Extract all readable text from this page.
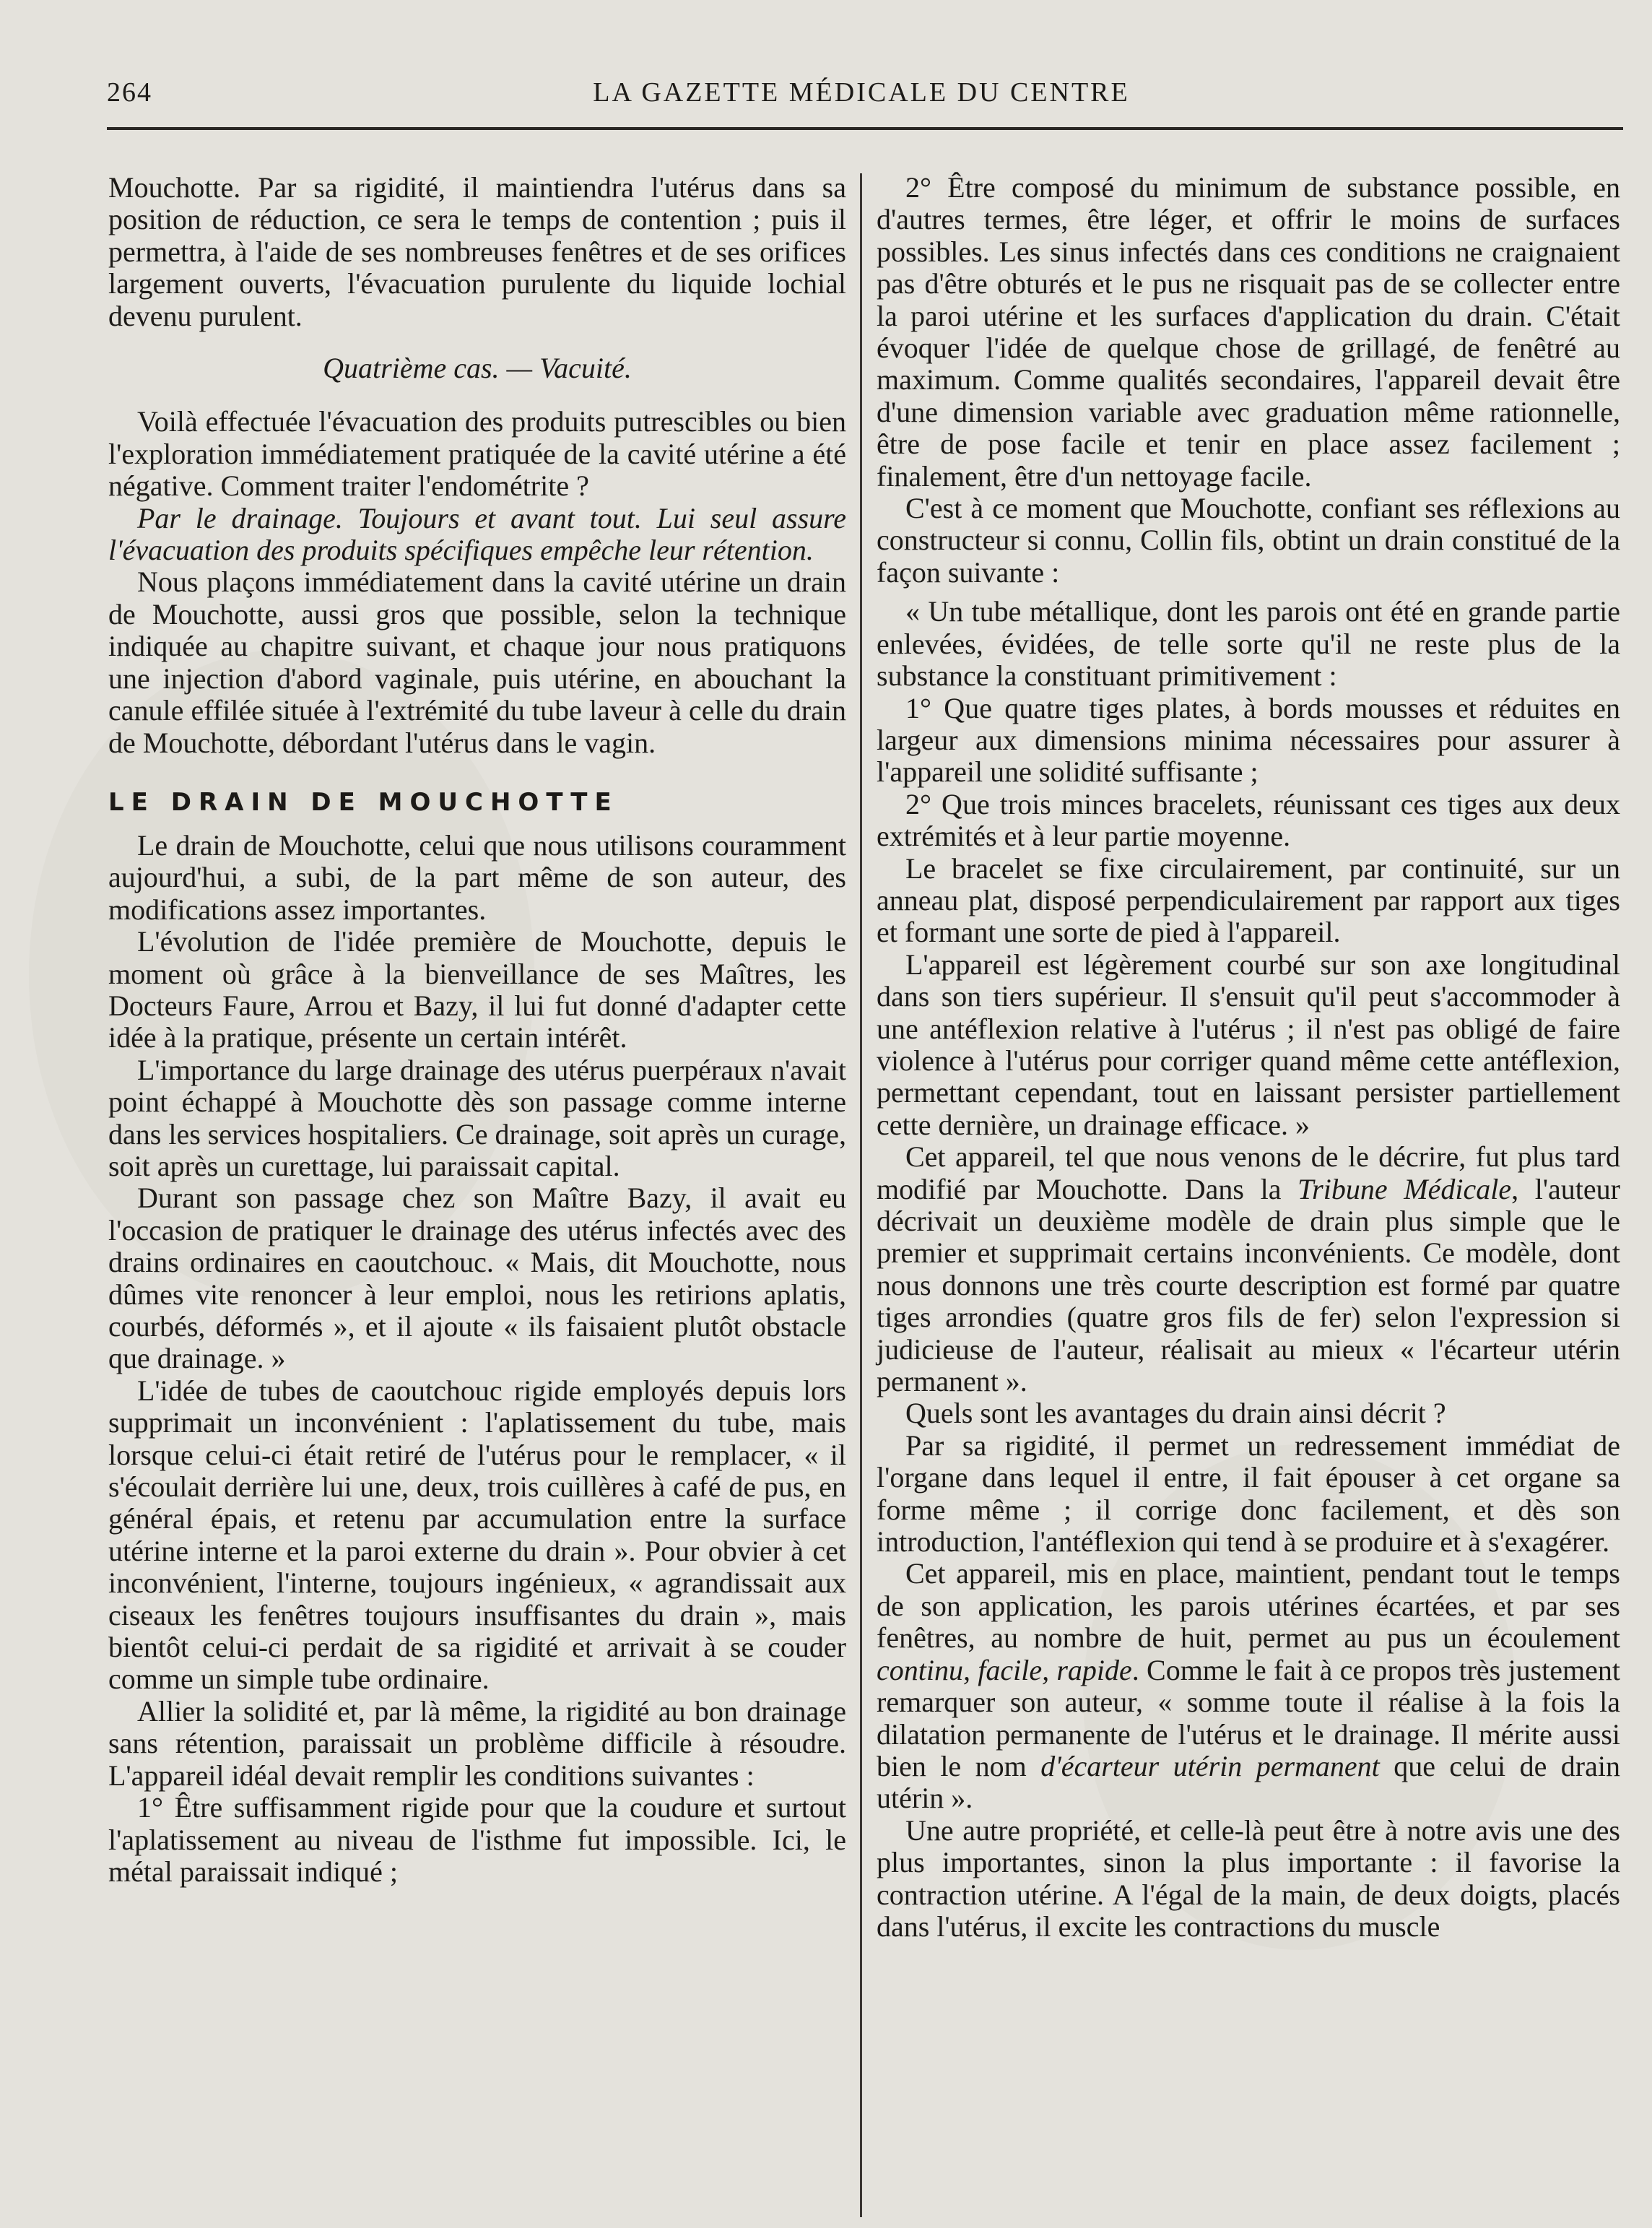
264	LA GAZETTE MÉDICALE DU CENTRE

Mouchotte. Par sa rigidité, il maintiendra l'utérus dans sa position de réduction, ce sera le temps de contention ; puis il permettra, à l'aide de ses nombreuses fenêtres et de ses orifices largement ouverts, l'évacuation purulente du liquide lochial devenu purulent.

Quatrième cas. — Vacuité.

Voilà effectuée l'évacuation des produits putrescibles ou bien l'exploration immédiatement pratiquée de la cavité utérine a été négative. Comment traiter l'endométrite ?

Par le drainage. Toujours et avant tout. Lui seul assure l'évacuation des produits spécifiques empêche leur rétention.

Nous plaçons immédiatement dans la cavité utérine un drain de Mouchotte, aussi gros que possible, selon la technique indiquée au chapitre suivant, et chaque jour nous pratiquons une injection d'abord vaginale, puis utérine, en abouchant la canule effilée située à l'extrémité du tube laveur à celle du drain de Mouchotte, débordant l'utérus dans le vagin.

LE DRAIN DE MOUCHOTTE

Le drain de Mouchotte, celui que nous utilisons couramment aujourd'hui, a subi, de la part même de son auteur, des modifications assez importantes.

L'évolution de l'idée première de Mouchotte, depuis le moment où grâce à la bienveillance de ses Maîtres, les Docteurs Faure, Arrou et Bazy, il lui fut donné d'adapter cette idée à la pratique, présente un certain intérêt.

L'importance du large drainage des utérus puerpéraux n'avait point échappé à Mouchotte dès son passage comme interne dans les services hospitaliers. Ce drainage, soit après un curage, soit après un curettage, lui paraissait capital.

Durant son passage chez son Maître Bazy, il avait eu l'occasion de pratiquer le drainage des utérus infectés avec des drains ordinaires en caoutchouc. « Mais, dit Mouchotte, nous dûmes vite renoncer à leur emploi, nous les retirions aplatis, courbés, déformés », et il ajoute « ils faisaient plutôt obstacle que drainage. »

L'idée de tubes de caoutchouc rigide employés depuis lors supprimait un inconvénient : l'aplatissement du tube, mais lorsque celui-ci était retiré de l'utérus pour le remplacer, « il s'écoulait derrière lui une, deux, trois cuillères à café de pus, en général épais, et retenu par accumulation entre la surface utérine interne et la paroi externe du drain ». Pour obvier à cet inconvénient, l'interne, toujours ingénieux, « agrandissait aux ciseaux les fenêtres toujours insuffisantes du drain », mais bientôt celui-ci perdait de sa rigidité et arrivait à se couder comme un simple tube ordinaire.

Allier la solidité et, par là même, la rigidité au bon drainage sans rétention, paraissait un problème difficile à résoudre. L'appareil idéal devait remplir les conditions suivantes :

1° Être suffisamment rigide pour que la coudure et surtout l'aplatissement au niveau de l'isthme fut impossible. Ici, le métal paraissait indiqué ;

2° Être composé du minimum de substance possible, en d'autres termes, être léger, et offrir le moins de surfaces possibles. Les sinus infectés dans ces conditions ne craignaient pas d'être obturés et le pus ne risquait pas de se collecter entre la paroi utérine et les surfaces d'application du drain. C'était évoquer l'idée de quelque chose de grillagé, de fenêtré au maximum. Comme qualités secondaires, l'appareil devait être d'une dimension variable avec graduation même rationnelle, être de pose facile et tenir en place assez facilement ; finalement, être d'un nettoyage facile.

C'est à ce moment que Mouchotte, confiant ses réflexions au constructeur si connu, Collin fils, obtint un drain constitué de la façon suivante :

« Un tube métallique, dont les parois ont été en grande partie enlevées, évidées, de telle sorte qu'il ne reste plus de la substance la constituant primitivement :

1° Que quatre tiges plates, à bords mousses et réduites en largeur aux dimensions minima nécessaires pour assurer à l'appareil une solidité suffisante ;

2° Que trois minces bracelets, réunissant ces tiges aux deux extrémités et à leur partie moyenne.

Le bracelet se fixe circulairement, par continuité, sur un anneau plat, disposé perpendiculairement par rapport aux tiges et formant une sorte de pied à l'appareil.

L'appareil est légèrement courbé sur son axe longitudinal dans son tiers supérieur. Il s'ensuit qu'il peut s'accommoder à une antéflexion relative à l'utérus ; il n'est pas obligé de faire violence à l'utérus pour corriger quand même cette antéflexion, permettant cependant, tout en laissant persister partiellement cette dernière, un drainage efficace. »

Cet appareil, tel que nous venons de le décrire, fut plus tard modifié par Mouchotte. Dans la Tribune Médicale, l'auteur décrivait un deuxième modèle de drain plus simple que le premier et supprimait certains inconvénients. Ce modèle, dont nous donnons une très courte description est formé par quatre tiges arrondies (quatre gros fils de fer) selon l'expression si judicieuse de l'auteur, réalisait au mieux « l'écarteur utérin permanent ».

Quels sont les avantages du drain ainsi décrit ?

Par sa rigidité, il permet un redressement immédiat de l'organe dans lequel il entre, il fait épouser à cet organe sa forme même ; il corrige donc facilement, et dès son introduction, l'antéflexion qui tend à se produire et à s'exagérer.

Cet appareil, mis en place, maintient, pendant tout le temps de son application, les parois utérines écartées, et par ses fenêtres, au nombre de huit, permet au pus un écoulement continu, facile, rapide. Comme le fait à ce propos très justement remarquer son auteur, « somme toute il réalise à la fois la dilatation permanente de l'utérus et le drainage. Il mérite aussi bien le nom d'écarteur utérin permanent que celui de drain utérin ».

Une autre propriété, et celle-là peut être à notre avis une des plus importantes, sinon la plus importante : il favorise la contraction utérine. A l'égal de la main, de deux doigts, placés dans l'utérus, il excite les contractions du muscle
